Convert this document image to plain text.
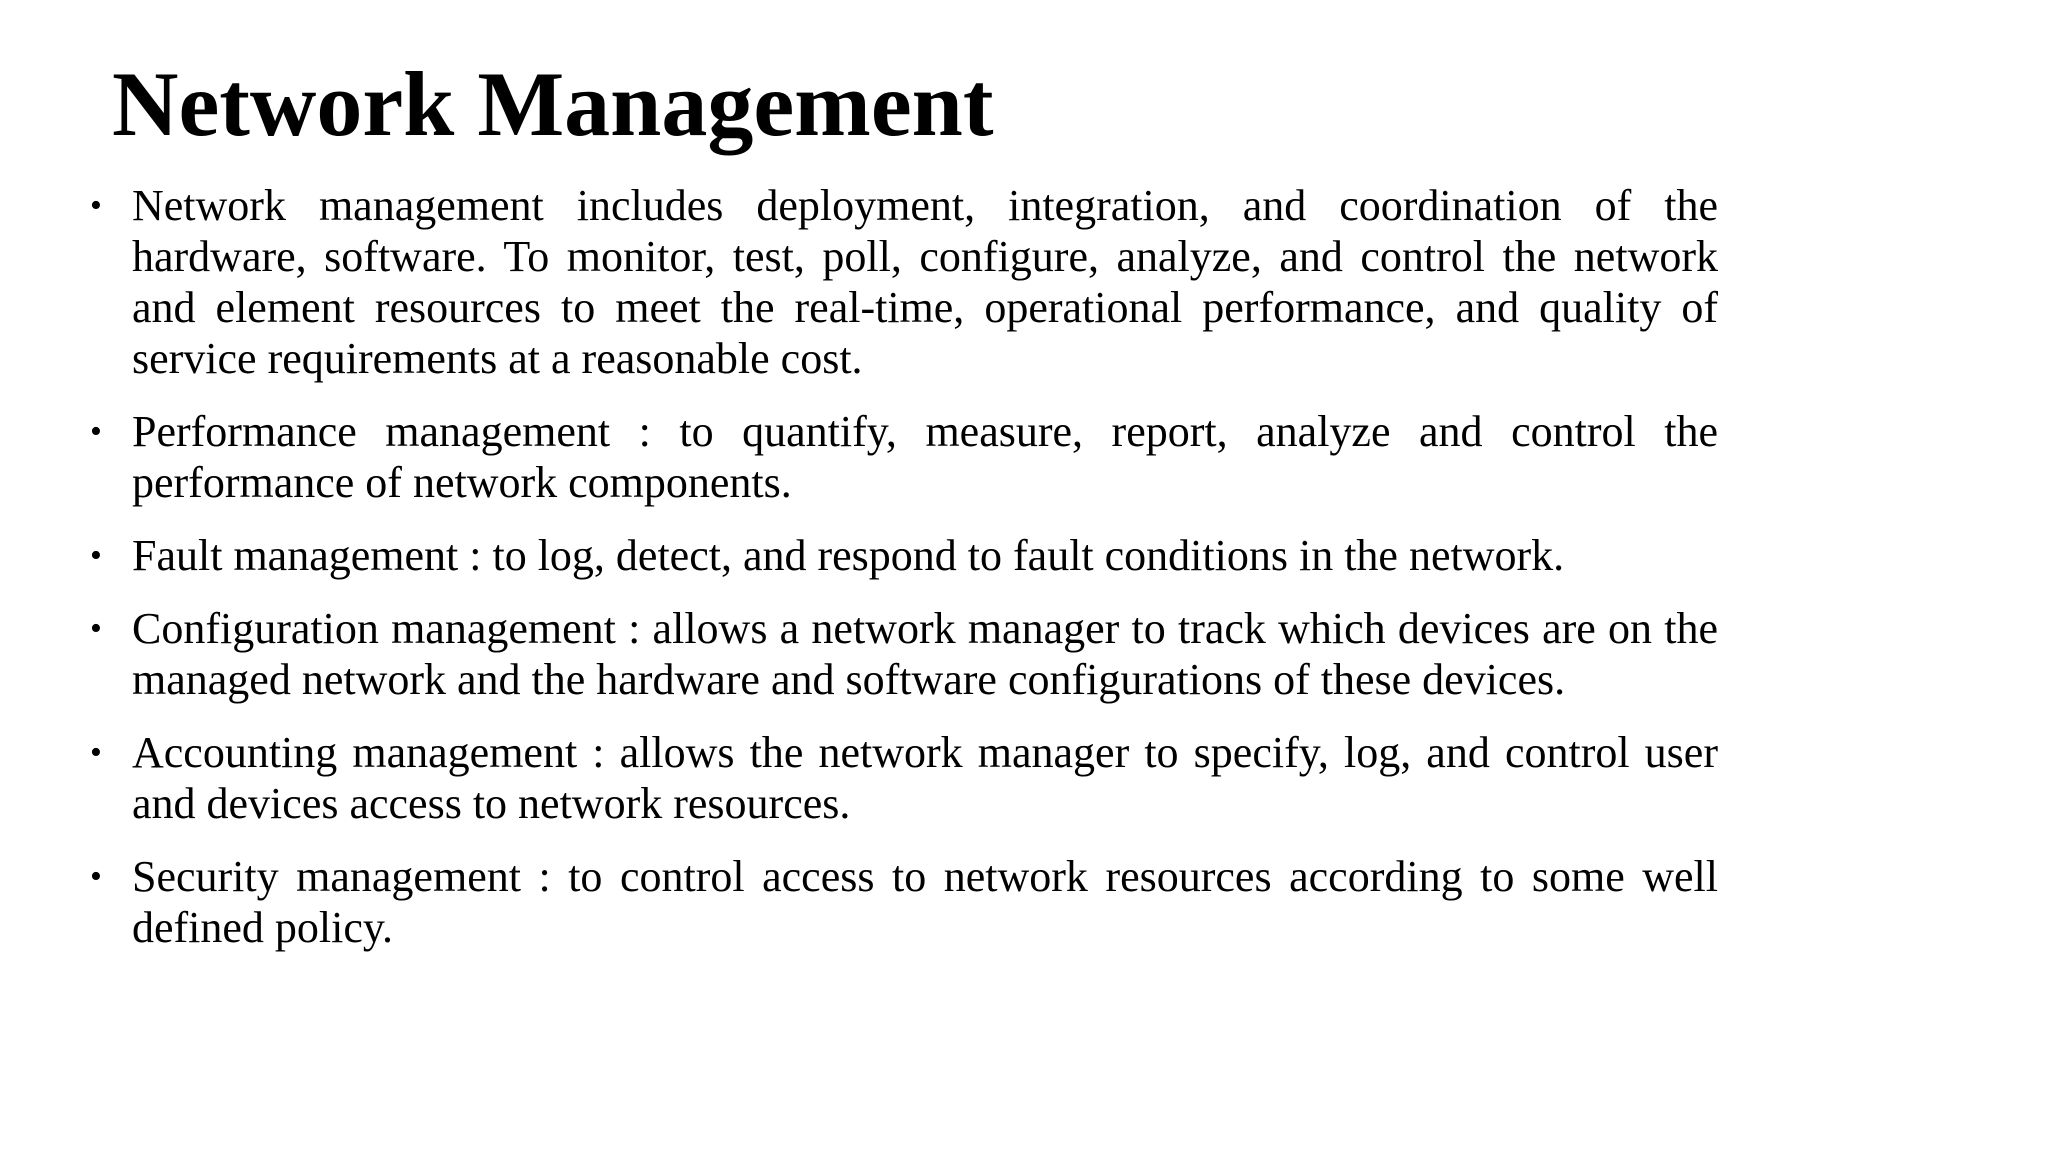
Network Management
• Network management includes deployment, integration, and coordination of the hardware, software. To monitor, test, poll, configure, analyze, and control the network and element resources to meet the real-time, operational performance, and quality of service requirements at a reasonable cost.
• Performance management : to quantify, measure, report, analyze and control the performance of network components.
• Fault management : to log, detect, and respond to fault conditions in the network.
• Configuration management : allows a network manager to track which devices are on the managed network and the hardware and software configurations of these devices.
• Accounting management : allows the network manager to specify, log, and control user and devices access to network resources.
• Security management : to control access to network resources according to some well defined policy.
